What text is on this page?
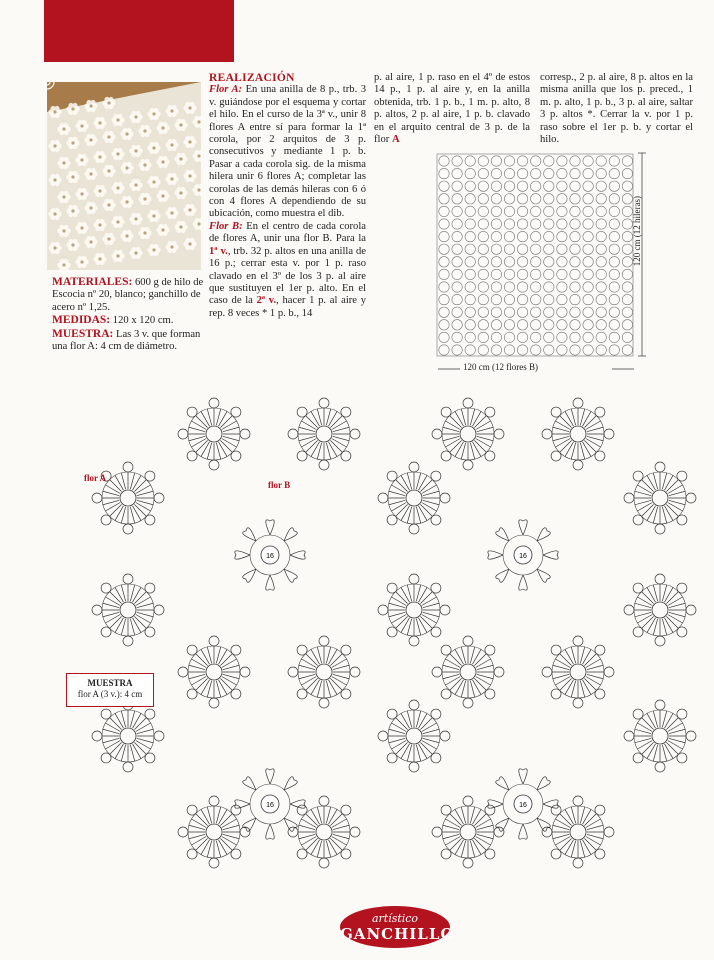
REALIZACIÓN
Flor A: En una anilla de 8 p., trb. 3 v. guiándose por el esquema y cortar el hilo. En el curso de la 3ª v., unir 8 flores A entre sí para formar la 1ª corola, por 2 arquitos de 3 p. consecutivos y mediante 1 p. b. Pasar a cada corola sig. de la misma hilera unir 6 flores A; completar las corolas de las demás hileras con 6 ó con 4 flores A dependiendo de su ubicación, como muestra el dib.
Flor B: En el centro de cada corola de flores A, unir una flor B. Para la 1ª v., trb. 32 p. altos en una anilla de 16 p.; cerrar esta v. por 1 p. raso clavado en el 3º de los 3 p. al aire que sustituyen el 1er p. alto. En el caso de la 2ª v., hacer 1 p. al aire y rep. 8 veces * 1 p. b., 14
p. al aire, 1 p. raso en el 4º de estos 14 p., 1 p. al aire y, en la anilla obtenida, trb. 1 p. b., 1 m. p. alto, 8 p. altos, 2 p. al aire, 1 p. b. clavado en el arquito central de 3 p. de la flor A
corresp., 2 p. al aire, 8 p. altos en la misma anilla que los p. preced., 1 m. p. alto, 1 p. b., 3 p. al aire, saltar 3 p. altos *. Cerrar la v. por 1 p. raso sobre el 1er p. b. y cortar el hilo.
MATERIALES: 600 g de hilo de Escocia nº 20, blanco; ganchillo de acero nº 1,25.
MEDIDAS: 120 x 120 cm.
MUESTRA: Las 3 v. que forman una flor A: 4 cm de diámetro.
120 cm (12 hileras)
120 cm (12 flores B)
16	16
16	16
flor A
flor B
MUESTRA
flor A (3 v.): 4 cm
artístico
GANCHILLO
